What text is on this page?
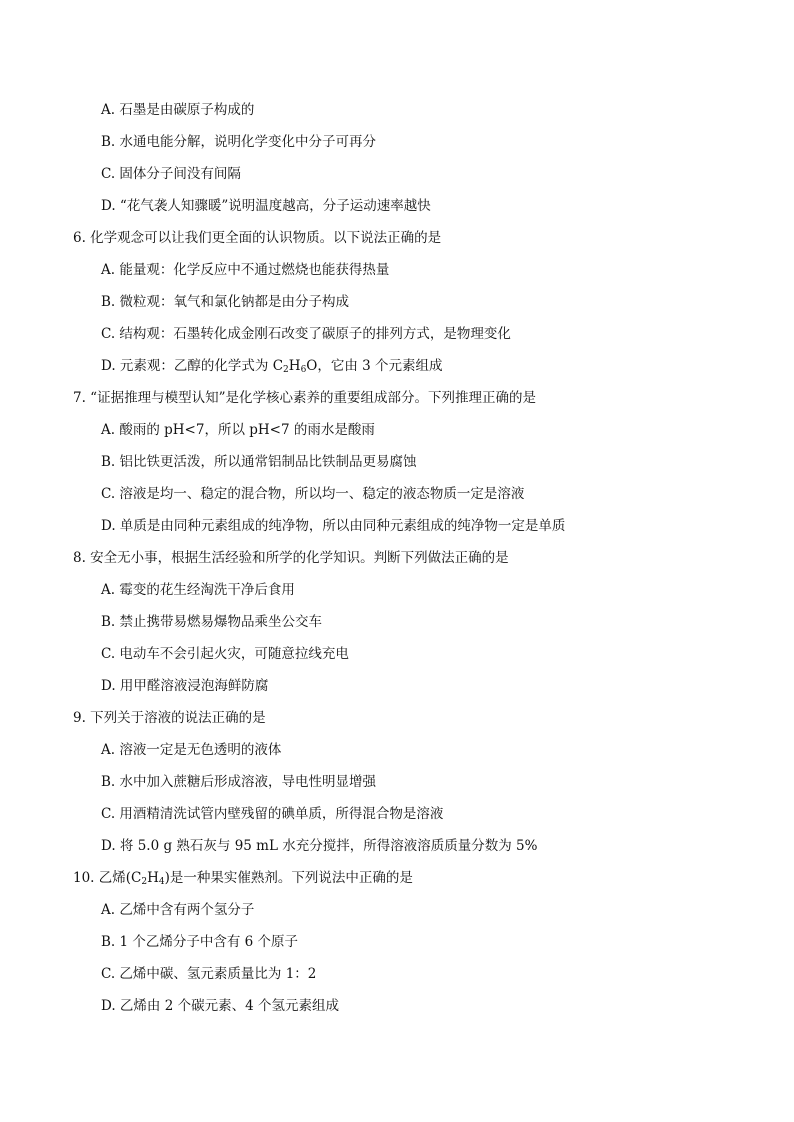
A. 石墨是由碳原子构成的
B. 水通电能分解，说明化学变化中分子可再分
C. 固体分子间没有间隔
D. “花气袭人知骤暖”说明温度越高，分子运动速率越快
6. 化学观念可以让我们更全面的认识物质。以下说法正确的是
A. 能量观：化学反应中不通过燃烧也能获得热量
B. 微粒观：氧气和氯化钠都是由分子构成
C. 结构观：石墨转化成金刚石改变了碳原子的排列方式，是物理变化
D. 元素观：乙醇的化学式为 $C_2H_6O$，它由 3 个元素组成
7. “证据推理与模型认知”是化学核心素养的重要组成部分。下列推理正确的是
A. 酸雨的 pH<7，所以 pH<7 的雨水是酸雨
B. 铝比铁更活泼，所以通常铝制品比铁制品更易腐蚀
C. 溶液是均一、稳定的混合物，所以均一、稳定的液态物质一定是溶液
D. 单质是由同种元素组成的纯净物，所以由同种元素组成的纯净物一定是单质
8. 安全无小事，根据生活经验和所学的化学知识。判断下列做法正确的是
A. 霉变的花生经淘洗干净后食用
B. 禁止携带易燃易爆物品乘坐公交车
C. 电动车不会引起火灾，可随意拉线充电
D. 用甲醛溶液浸泡海鲜防腐
9. 下列关于溶液的说法正确的是
A. 溶液一定是无色透明的液体
B. 水中加入蔗糖后形成溶液，导电性明显增强
C. 用酒精清洗试管内壁残留的碘单质，所得混合物是溶液
D. 将 5.0 g 熟石灰与 95 mL 水充分搅拌，所得溶液溶质质量分数为 5%
10. 乙烯$(C_2H_4)$是一种果实催熟剂。下列说法中正确的是
A. 乙烯中含有两个氢分子
B. 1 个乙烯分子中含有 6 个原子
C. 乙烯中碳、氢元素质量比为 1：2
D. 乙烯由 2 个碳元素、4 个氢元素组成
